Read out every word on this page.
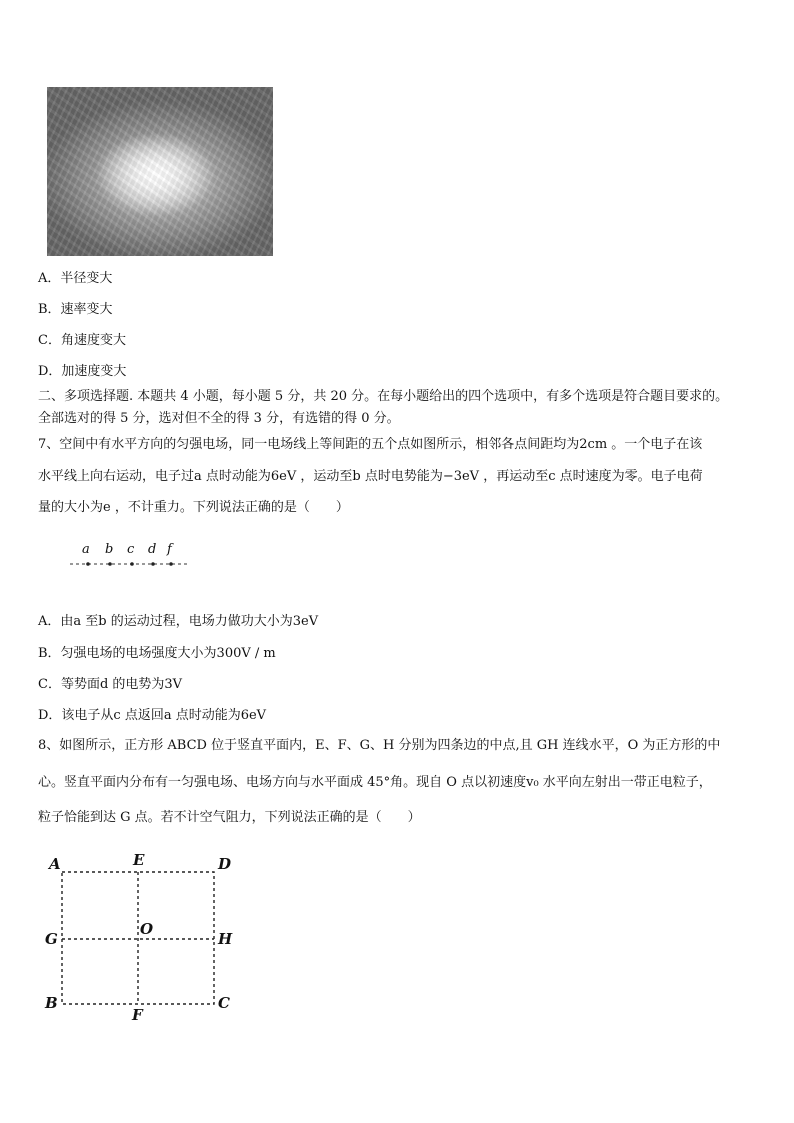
A．半径变大
B．速率变大
C．角速度变大
D．加速度变大
二、多项选择题. 本题共 4 小题，每小题 5 分，共 20 分。在每小题给出的四个选项中，有多个选项是符合题目要求的。
全部选对的得 5 分，选对但不全的得 3 分，有选错的得 0 分。
7、空间中有水平方向的匀强电场，同一电场线上等间距的五个点如图所示，相邻各点间距均为2cm 。一个电子在该
水平线上向右运动，电子过a 点时动能为6eV ，运动至b 点时电势能为−3eV ，再运动至c 点时速度为零。电子电荷
量的大小为e ，不计重力。下列说法正确的是（　　）
a b c d f
A．由a 至b 的运动过程，电场力做功大小为3eV
B．匀强电场的电场强度大小为300V / m
C．等势面d 的电势为3V
D．该电子从c 点返回a 点时动能为6eV
8、如图所示，正方形 ABCD 位于竖直平面内，E、F、G、H 分别为四条边的中点,且 GH 连线水平，O 为正方形的中
心。竖直平面内分布有一匀强电场、电场方向与水平面成 45°角。现自 O 点以初速度v₀ 水平向左射出一带正电粒子，
粒子恰能到达 G 点。若不计空气阻力，下列说法正确的是（　　）
A	E	D
G
O
H
B
F
C
